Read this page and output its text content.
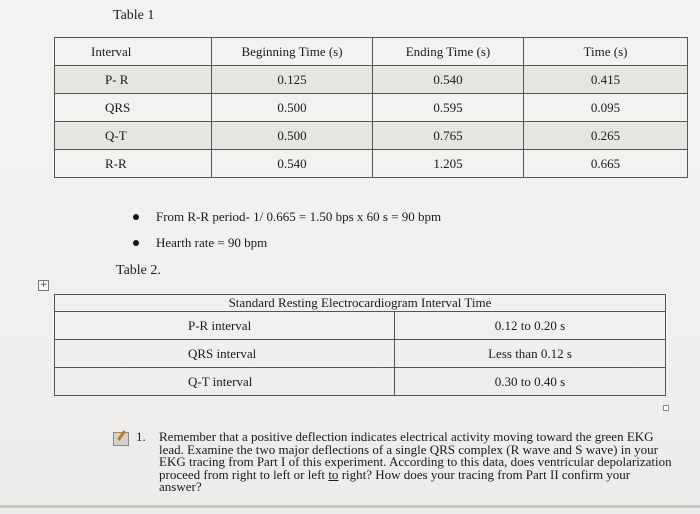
Table 1
Interval	Beginning Time (s)	Ending Time (s)	Time (s)
P- R	0.125	0.540	0.415
QRS	0.500	0.595	0.095
Q-T	0.500	0.765	0.265
R-R	0.540	1.205	0.665
From R-R period- 1/ 0.665 = 1.50 bps x 60 s = 90 bpm
Hearth rate = 90 bpm
Table 2.
+
Standard Resting Electrocardiogram Interval Time	
P-R interval	0.12 to 0.20 s
QRS interval	Less than 0.12 s
Q-T interval	0.30 to 0.40 s
1. Remember that a positive deflection indicates electrical activity moving toward the green EKG lead. Examine the two major deflections of a single QRS complex (R wave and S wave) in your EKG tracing from Part I of this experiment. According to this data, does ventricular depolarization proceed from right to left or left to right? How does your tracing from Part II confirm your answer?
